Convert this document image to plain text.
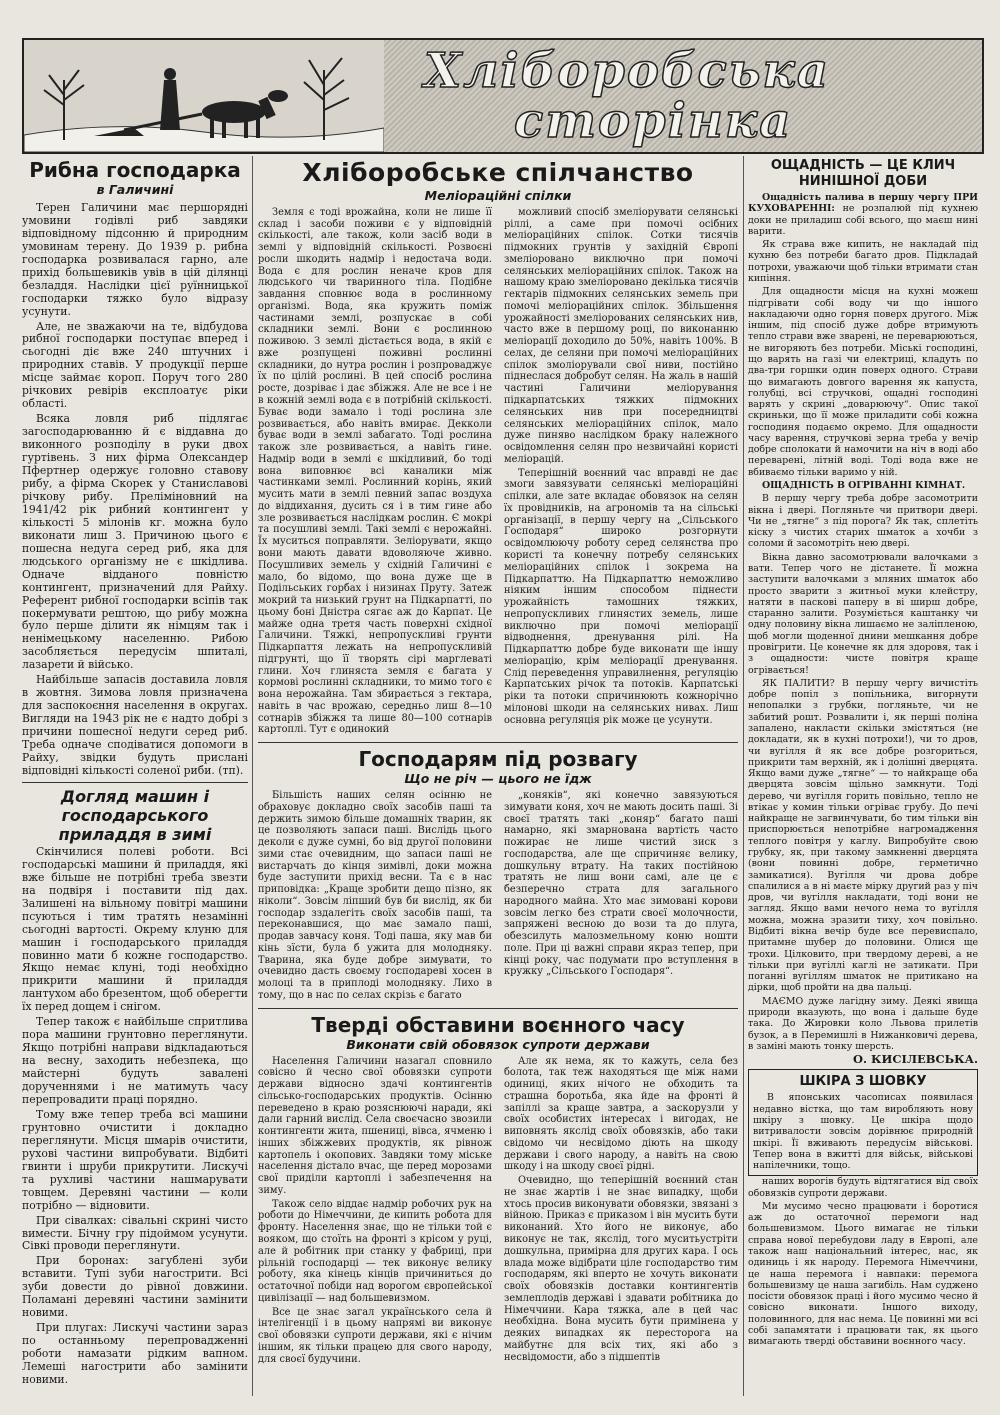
Хліборобська
сторінка
Рибна господарка
в Галичині

Терен Галичини має першорядні умовини годівлі риб завдяки відповідному підсонню й природним умовинам терену. До 1939 р. рибна господарка розвивалася гарно, але прихід большевиків увів в цій ділянці безладдя. Наслідки цієї руїнницької господарки тяжко було відразу усунути.

Але, не зважаючи на те, відбудова рибної господарки поступає вперед і сьогодні діє вже 240 штучних і природних ставів. У продукції перше місце займає короп. Поруч того 280 річкових ревірів експлоатує ріки області.

Всяка ловля риб підлягає загосподарюванню й є віддавна до виконного розподілу в руки двох гуртівень. З них фірма Олександер Пфертнер одержує головно ставову рибу, а фірма Скорек у Станиславові річкову рибу. Преліміновний на 1941/42 рік рибний контингент у кількості 5 мілонів кг. можна було виконати лиш 3. Причиною цього є пошесна недуга серед риб, яка для людського організму не є шкідлива. Одначе відданого повністю контингент, призначений для Райху. Референт рибної господарки всіпів так покермувати рештою, що рибу можна було перше ділити як німцям так і ненімецькому населенню. Рибою засобляється передусім шпиталі, лазарети й військо.

Найбільше запасів доставила ловля в жовтня. Зимова ловля призначена для заспокоєння населення в округах. Вигляди на 1943 рік не є надто добрі з причини пошесної недуги серед риб. Треба одначе сподіватися допомоги в Райху, звідки будуть прислані відповідні кількості соленої риби. (тп).

Догляд машин і господарського приладдя в зимі

Скінчилися полеві роботи. Всі господарські машини й приладдя, які вже більше не потрібні треба звезти на подвіря і поставити під дах. Залишені на вільному повітрі машини псуються і тим тратять незамінні сьогодні вартості. Окрему клуню для машин і господарського приладдя повинно мати б кожне господарство. Якщо немає клуні, тоді необхідно прикрити машини й приладдя лантухом або брезентом, щоб оберегти їх перед дощем і снігом.

Тепер також є найбільше спритлива пора машини грунтовно переглянути. Якщо потрібні направи відкладаються на весну, заходить небезпека, що майстерні будуть завалені дорученнями і не матимуть часу перепровадити праці порядно.

Тому вже тепер треба всі машини грунтовно очистити і докладно переглянути. Місця шмарів очистити, рухові частини випробувати. Відбиті гвинти і шруби прикрутити. Лискучі та рухливі частини нашмарувати товщем. Деревяні частини — коли потрібно — відновити.

При сівалках: сівальні скрині чисто вимести. Бічну гру підоймом усунути. Сівкі проводи переглянути.

При боронах: загублені зуби вставити. Тупі зуби нагострити. Всі зуби довести до рівної довжини. Поламані деревяні частини замінити новими.

При плугах: Лискучі частини зараз по останньому перепровадженні роботи намазати рідким вапном. Лемеші нагострити або замінити новими.

Хліборобське спілчанство
Меліораційні спілки

Земля є тоді врожайна, коли не лише її склад і засоби поживи є у відповідній скількості, але також, коли засіб води в землі у відповідній скількості. Розвоєні росли шкодить надмір і недостача води. Вода є для рослин неначе кров для людського чи тваринного тіла. Подібне завдання сповнює вода в рослинному організмі. Вода, яка кружить поміж частинами землі, розпускає в собі складники землі. Вони є рослинною поживою. З землі дістається вода, в якій є вже розпущені поживні рослинні складники, до нутра рослин і розпроваджує їх по цілій рослині. В цей спосіб рослина росте, дозріває і дає збіжжя. Але не все і не в кожній землі вода є в потрібній скількості. Буває води замало і тоді рослина зле розвивається, або навіть вмирає. Декколи буває води в землі забагато. Тоді рослина також зле розвивається, а навіть гине. Надмір води в землі є шкідливий, бо тоді вона виповнює всі каналики між частинками землі. Рослинний корінь, який мусить мати в землі певний запас воздуха до віддихання, дусить ся і в тим гине або зле розвивається наслідкам рослин. Є мокрі та посушливі землі. Такі землі є нерожайні. Їх муситься поправляти. Зеліорувати, якщо вони мають давати вдоволяюче живно. Посушливих земель у східній Галичині є мало, бо відомо, що вона дуже ще в Подільських горбах і низинах Пруту. Затеж мокрий та низький грунт на Підкарпатті, по цьому боні Дністра сягає аж до Карпат. Це майже одна третя часть поверхні східної Галичини. Тяжкі, непропускливі грунти Підкарпаття лежать на непропускливій підгрунті, що її творять сірі марглеваті глини. Хоч глиняста земля є багата у кормові рослинні складники, то мимо того є вона нерожайна. Там збирається з гектара, навіть в час врожаю, середньо лиш 8—10 сотнарів збіжжя та лише 80—100 сотнарів картоплі. Тут є одинокий

можливий спосіб змеліорувати селянські ріллі, а саме при помочі осібних меліораційних спілок. Сотки тисячів підмокних грунтів у західній Європі змеліоровано виключно при помочі селянських меліораційних спілок. Також на нашому краю змеліоровано декілька тисячів гектарів підмокних селянських земель при помочі меліораційних спілок. Збільшення урожайності змеліорованих селянських нив, часто вже в першому році, по виконанню меліорації доходило до 50%, навіть 100%. В селах, де селяни при помочі меліораційних спілок змоліорували свої ниви, постійно піднеслася добробут селян. На жаль в нашій частині Галичини меліорування підкарпатських тяжких підмокних селянських нив при посередництві селянських меліораційних спілок, мало дуже пиняво наслідком браку належного освідомлення селян про незвичайні користі меліорацій.

Теперішній воєнний час вправді не дає змоги завязувати селянські меліораційні спілки, але затe вкладає обовязок на селян їх провідників, на агрономів та на сільські організації, в першу чергу на „Сільського Господаря“ широко розгорнути освідомлюючу роботу серед селянства про користі та конечну потребу селянських меліораційних спілок і зокрема на Підкарпаттю. На Підкарпаттю неможливо ніяким іншим способом піднести урожайність тамошних тяжких, непропускливих глинястих земель, лише виключно при помочі меліорації відводнення, дренування рілі. На Підкарпаттю добре буде виконати ще іншу меліорацію, крім меліорації дренування. Слід переведення управилнення, регуляцію Карпатських річок та потоків. Карпатські ріки та потоки спричинюють кожнорічно мілонові шкоди на селянських нивах. Лиш оснoвна регуляція рік може це усунути.

Господарям під розвагу
Що не річ — цього не їдж

Більшість наших селян осінню не обраховує докладно своїх засобів паші та держить зимою більше домашніх тварин, як це позволяють запаси паші. Вислідь цього деколи є дуже сумні, бо від другої половини зими стає очевидним, що запаси паші не вистарчать до кінця зимівлі, доки можна буде заступити прихід весни. Та є в нас приповідка: „Краще зробити дещо пізно, як ніколи“. Зовсім ліпший був би вислід, як би господар зздалегіть своїх засобів паші, та переконавшися, що має замало паші, продав завчасу коня. Тоді паша, яку мав би кінь зїсти, була б ужита для молодняку. Тварина, яка буде добре зимувати, то очевидно дасть своєму господареві хосен в молоці та в приплоді молодняку. Лихо в тому, що в нас по селах скрізь є багато

„коняків“, які конечно завязуються зимувати коня, хоч не мають досить паші. Зі своєї тратять такі „коняр“ багато паші намарно, які змарнована вартість часто пожирає не лише чистий зиск з господарства, але ще спричиняє велику, дошкульну втрату. На таких постійною тратять не лиш вони самі, але це є безперечно страта для загального народного майна. Хто має зимовані корови зовсім легко без страти своєї молочности, запряжені весною до вози та до плуга, обезсилуть малозмельному коню ношти поле. При ці важні справи якраз тепер, при кінці року, час подумати про вступлення в кружку „Сільського Господаря“.

Тверді обставини воєнного часу
Виконати свій обовязок супроти держави

Населення Галичини назагал сповнило совісно й чесно свої обовязки супроти держави відносно здачі контингентів сільсько-господарських продуктів. Осінню переведено в краю розяснюючі наради, які дали гарний вислід. Села своєчасно звозили контингенти жита, пшениці, вівса, ячменю і інших збіжжевих продуктів, як рівнож картопель і окопових. Завдяки тому міське населення дістало вчас, ще перед морозами свої приділи картоплі і забезпечення на зиму.

Також село віддає надмір робочих рук на роботи до Німеччини, де кипить робота для фронту. Населення знає, що не тільки той є вояком, що стоїть на фронті з крісом у руці, але й робітник при станку у фабриці, при рільній господарці — тек виконує велику роботу, яка кінець кінців причиниться до остаточної побіди над ворогом європейської цивілізації — над большевизмом.

Все це знає загал українського села й інтелігенції і в цьому напрямі ви виконує свої обовязки супроти держави, які є нічим іншим, як тільки працею для свого народу, для своєї будучини.

Але як нема, як то кажуть, села без болота, так теж находяться ще між нами одиниці, яких нічого не обходить та страшна боротьба, яка йде на фронті й запіллі за краще завтра, а заскорузли у своїх особистих інтересах і вигодах, не виповнять якслід своїх обовязків, або таки свідомо чи несвідомо діють на шкоду держави і свого народу, а навіть на свою шкоду і на шкоду своєї рідні.

Очевидно, що теперішній воєнний стан не знає жартів і не знає випадку, щоби хтось просив виконувати обовязки, звязані з війною. Приказ є приказом і він мусить бути виконаний. Хто його не виконує, або виконує не так, якслід, того муситьустріти дошкульна, примірна для других кара. І ось влада може відібрати ціле господарство тим господарям, які вперто не хочуть виконати своїх обовязків доставки контингентів землеплодів державі і здавати робітника до Німеччини. Кара тяжка, але в цей час необхідна. Вона мусить бути примінена у деяких випадках як перестоpoга на майбутнє для всіх тих, які або з несвідомости, або з підшептів

ОЩАДНІСТЬ — ЦЕ КЛИЧ НИНІШНОЇ ДОБИ

Ощадність палива в першу чергу ПРИ КУХОВАРЕННІ: не розпалюй під кухнею доки не приладиш собі всього, що маєш нині варити.

Як страва вже кипить, не накладай під кухню без потреби багато дров. Підкладай потрохи, уважаючи щоб тільки втримати стан кипіння.

Для ощадности місця на кухні можеш підгрівати собі воду чи що іншого накладаючи одно горня поверх другого. Між іншим, під спосіб дуже добре втримують тепло страви вже зварені, не переварюються, не вигоряють без потреби. Міські господині, що варять на газі чи електриці, кладуть по два-три горшки один поверх одного. Страви що вимагають довгого варення як капуста, голубці, всі стручкові, ощадні господині варять у скрині „доварюючу“. Опис такої скриньки, що її може приладити собі кожна господиня подаємо окремо. Для ощадности часу варення, стручкові зерна треба у вечір добре сполокати й намочити на ніч в воді або переварені, літній воді. Тоді вода вже не вбиваємо тільки варимо у ній.

ОЩАДНІСТЬ В ОГРІВАННІ КІМНАТ.

В першу чергу треба добре засомотрити вікна і двері. Погляньте чи притвори двері. Чи не „тягне“ з під порога? Як так, сплетіть кіску з чистих старих шматок а хочби з соломи й засомотріть нею двері.

Вікна давно засомотрювали валочками з вати. Тепер чого не дістанете. Її можна заступити валочками з мляних шматок або просто зварити з житньої муки клейстру, натяти в паскові паперу в ві ширш добре, старанно залити. Розуміється каштанку чи одну половину вікна лишаємо не заліпленою, щоб могли щоденної днини мешкання добре провігрити. Це конечне як для здоровя, так і з ощадности: чисте повітря краще огрівається!

ЯК ПАЛИТИ? В першу чергу вичистіть добре попіл з попільника, вигорнути непопалки з грубки, погляньте, чи не забитий рошт. Розвалити і, як перші поліна запалено, накласти скільки змістяться (не докладати, як в кухні потрохи!), чи то дров, чи вугілля й як все добре розгориться, прикрити там верхній, як і долішні дверцята. Якщо вами дуже „тягне“ — то найкраще оба дверцята зовсім щільно замкнути. Тоді дерево, чи вугілля горить повільно, тепло не втікає у комин тільки огріває грубу. До печі найкраще не загвинчувати, бо тим тільки він приспорюється непотрібне нагромадження теплого повітря у каглу. Випробуйте свою грубку, як, при такому замкненні дверцята (вони повинні добре, герметично замикатися). Вугілля чи дрова добре спалилися а в ні маєте мірку другий раз у піч дров, чи вугілля накладати, тоді вони не загляд. Якщо вами нечого нема то вугілля можна, можна зразити тиху, хоч повільно. Відбиті вікна вечір буде все перевиспало, притамне шубер до половини. Олися ще трохи. Цілковито, при твердому дереві, а не тільки при вугіллі каглі не затикати. При поганні вугіллям шматок не притикано на дірки, щоб пройти на два пальці.

МАЄМО дуже лагідну зиму. Деякі явища природи вказують, що вона і дальше буде така. До Жировки коло Львова прилетів бузок, а в Перемишлі в Нижанковичі дерева, в заміні мають тонку шерсть.

О. КИСІЛЕВСЬКА.
ШКІРА З ШОВКУ

В японських часописах появилася недавно вістка, що там виробляють нову шкіру з шовку. Це шкіра щодо витривалости зовсім дорівнює природній шкірі. Її вживають передусім військові. Тепер вона в вжитті для військ, військові напілечники, тощо.

наших ворогів будуть відтягатися від своїх обовязків супроти держави.

Ми мусимо чесно працювати і боротися аж до остаточної перемоги над большевизмом. Цього вимагає не тільки справа нової перебудови ладу в Европі, але також наш національний інтерес, нас, як одиниць і як народу. Перемога Німеччини, це наша перемога і навпаки: перемога большевизму це наша загибіль. Нам суджено посісти обовязок праці і його мусимо чесно й совісно виконати. Іншого виходу, половинного, для нас нема. Це повинні ми всі собі запамятати і працювати так, як цього вимагають тверді обставини воєнного часу.
